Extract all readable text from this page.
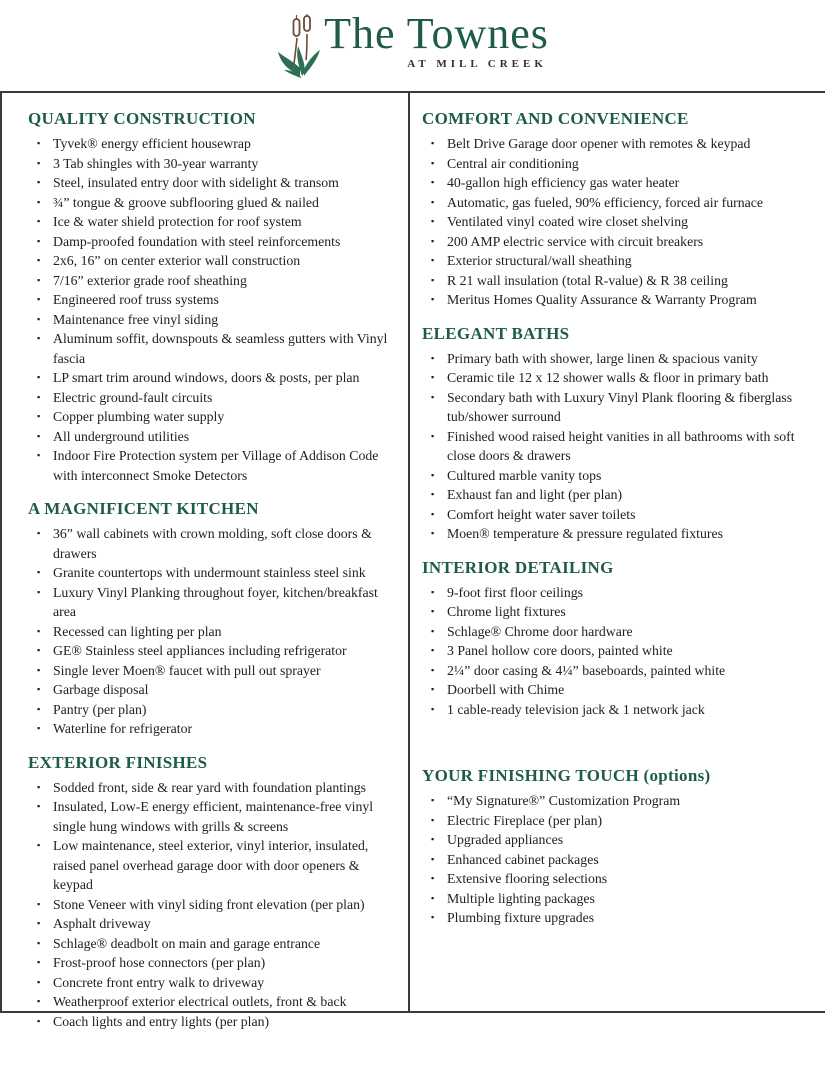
The Townes
AT MILL CREEK
QUALITY CONSTRUCTION
▪ Tyvek® energy efficient housewrap
▪ 3 Tab shingles with 30-year warranty
▪ Steel, insulated entry door with sidelight & transom
▪ ¾” tongue & groove subflooring glued & nailed
▪ Ice & water shield protection for roof system
▪ Damp-proofed foundation with steel reinforcements
▪ 2x6, 16” on center exterior wall construction
▪ 7/16” exterior grade roof sheathing
▪ Engineered roof truss systems
▪ Maintenance free vinyl siding
▪ Aluminum soffit, downspouts & seamless gutters with Vinyl fascia
▪ LP smart trim around windows, doors & posts, per plan
▪ Electric ground-fault circuits
▪ Copper plumbing water supply
▪ All underground utilities
▪ Indoor Fire Protection system per Village of Addison Code with interconnect Smoke Detectors
A MAGNIFICENT KITCHEN
▪ 36” wall cabinets with crown molding, soft close doors & drawers
▪ Granite countertops with undermount stainless steel sink
▪ Luxury Vinyl Planking throughout foyer, kitchen/breakfast area
▪ Recessed can lighting per plan
▪ GE® Stainless steel appliances including refrigerator
▪ Single lever Moen® faucet with pull out sprayer
▪ Garbage disposal
▪ Pantry (per plan)
▪ Waterline for refrigerator
EXTERIOR FINISHES
▪ Sodded front, side & rear yard with foundation plantings
▪ Insulated, Low-E energy efficient, maintenance-free vinyl single hung windows with grills & screens
▪ Low maintenance, steel exterior, vinyl interior, insulated, raised panel overhead garage door with door openers & keypad
▪ Stone Veneer with vinyl siding front elevation (per plan)
▪ Asphalt driveway
▪ Schlage® deadbolt on main and garage entrance
▪ Frost-proof hose connectors (per plan)
▪ Concrete front entry walk to driveway
▪ Weatherproof exterior electrical outlets, front & back
▪ Coach lights and entry lights (per plan)
COMFORT AND CONVENIENCE
▪ Belt Drive Garage door opener with remotes & keypad
▪ Central air conditioning
▪ 40-gallon high efficiency gas water heater
▪ Automatic, gas fueled, 90% efficiency, forced air furnace
▪ Ventilated vinyl coated wire closet shelving
▪ 200 AMP electric service with circuit breakers
▪ Exterior structural/wall sheathing
▪ R 21 wall insulation (total R-value) & R 38 ceiling
▪ Meritus Homes Quality Assurance & Warranty Program
ELEGANT BATHS
▪ Primary bath with shower, large linen & spacious vanity
▪ Ceramic tile 12 x 12 shower walls & floor in primary bath
▪ Secondary bath with Luxury Vinyl Plank flooring & fiberglass tub/shower surround
▪ Finished wood raised height vanities in all bathrooms with soft close doors & drawers
▪ Cultured marble vanity tops
▪ Exhaust fan and light (per plan)
▪ Comfort height water saver toilets
▪ Moen® temperature & pressure regulated fixtures
INTERIOR DETAILING
▪ 9-foot first floor ceilings
▪ Chrome light fixtures
▪ Schlage® Chrome door hardware
▪ 3 Panel hollow core doors, painted white
▪ 2¼” door casing & 4¼” baseboards, painted white
▪ Doorbell with Chime
▪ 1 cable-ready television jack & 1 network jack
YOUR FINISHING TOUCH (options)
▪ “My Signature®” Customization Program
▪ Electric Fireplace (per plan)
▪ Upgraded appliances
▪ Enhanced cabinet packages
▪ Extensive flooring selections
▪ Multiple lighting packages
▪ Plumbing fixture upgrades
